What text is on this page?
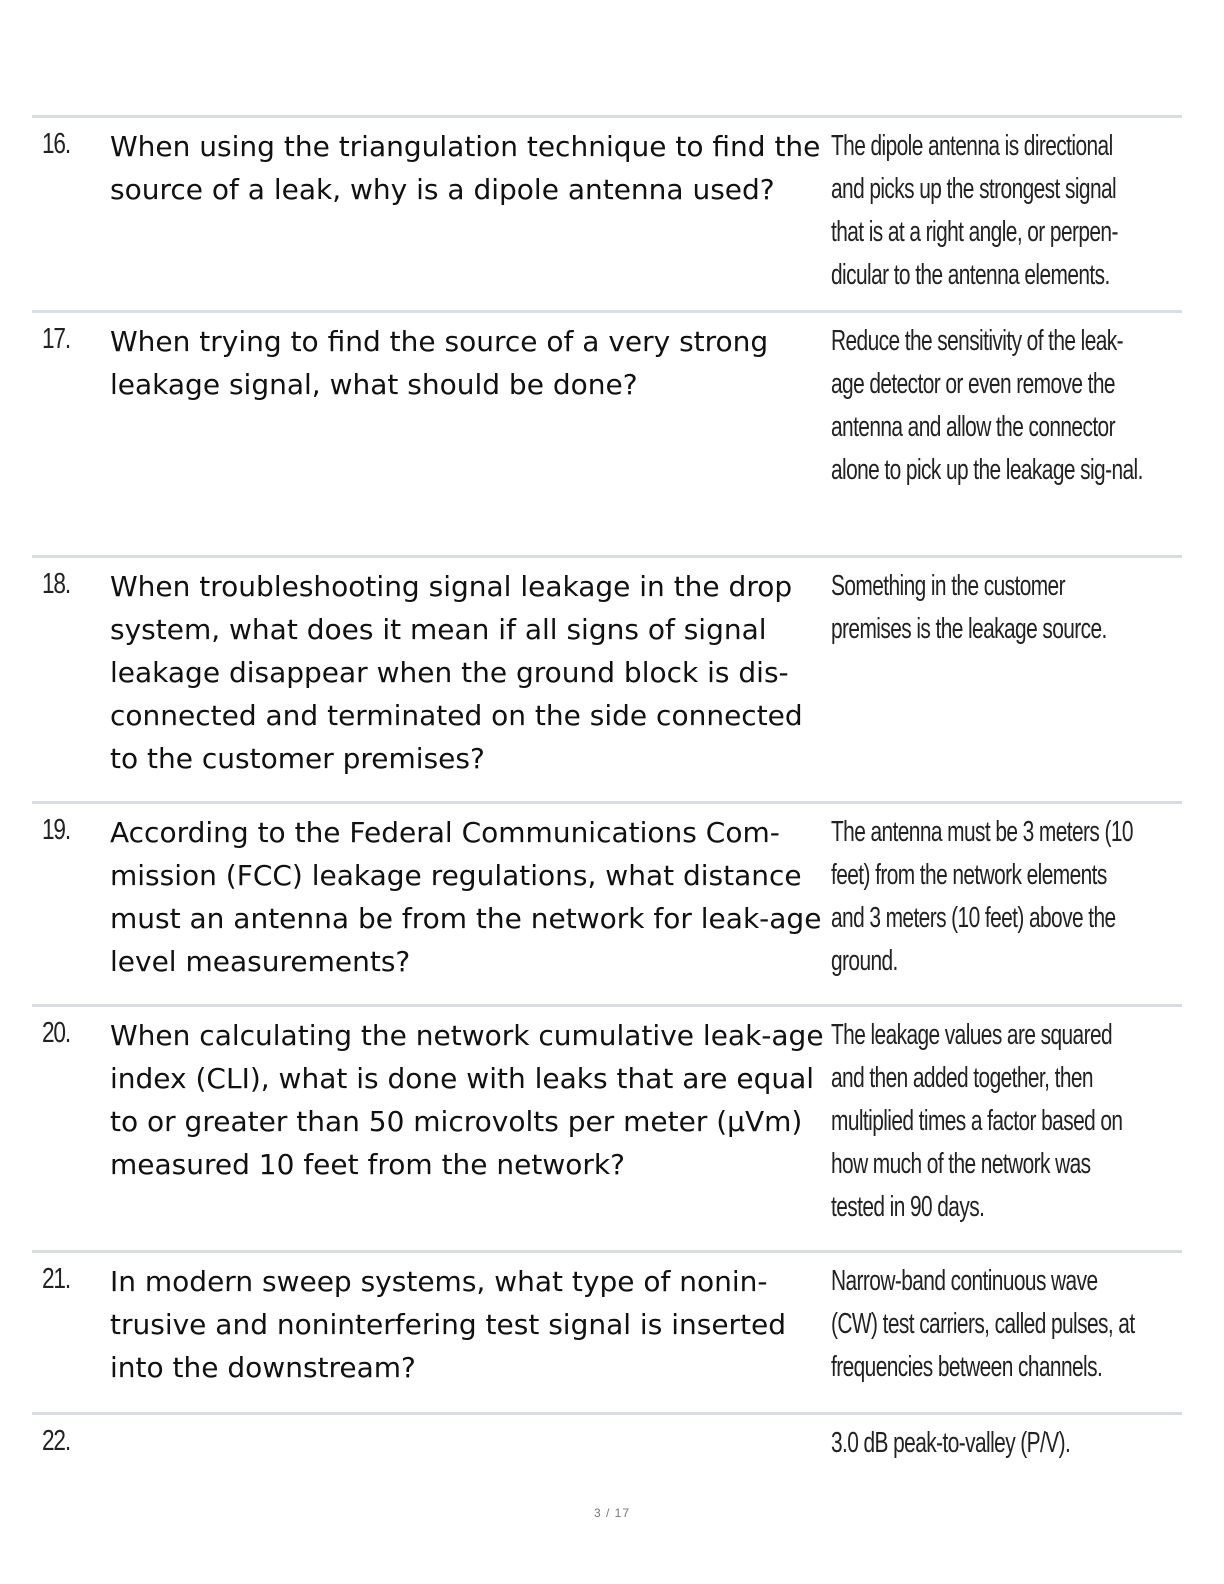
16. When using the triangulation technique to find the source of a leak, why is a dipole antenna used?
The dipole antenna is directional and picks up the strongest signal that is at a right angle, or perpen-dicular to the antenna elements.
17. When trying to find the source of a very strong leakage signal, what should be done?
Reduce the sensitivity of the leak-age detector or even remove the antenna and allow the connector alone to pick up the leakage sig-nal.
18. When troubleshooting signal leakage in the drop system, what does it mean if all signs of signal leakage disappear when the ground block is dis-connected and terminated on the side connected to the customer premises?
Something in the customer premises is the leakage source.
19. According to the Federal Communications Com-mission (FCC) leakage regulations, what distance must an antenna be from the network for leak-age level measurements?
The antenna must be 3 meters (10 feet) from the network elements and 3 meters (10 feet) above the ground.
20. When calculating the network cumulative leak-age index (CLI), what is done with leaks that are equal to or greater than 50 microvolts per meter (μVm) measured 10 feet from the network?
The leakage values are squared and then added together, then multiplied times a factor based on how much of the network was tested in 90 days.
21. In modern sweep systems, what type of nonin-trusive and noninterfering test signal is inserted into the downstream?
Narrow-band continuous wave (CW) test carriers, called pulses, at frequencies between channels.
22.	3.0 dB peak-to-valley (P/V).
3 / 17
